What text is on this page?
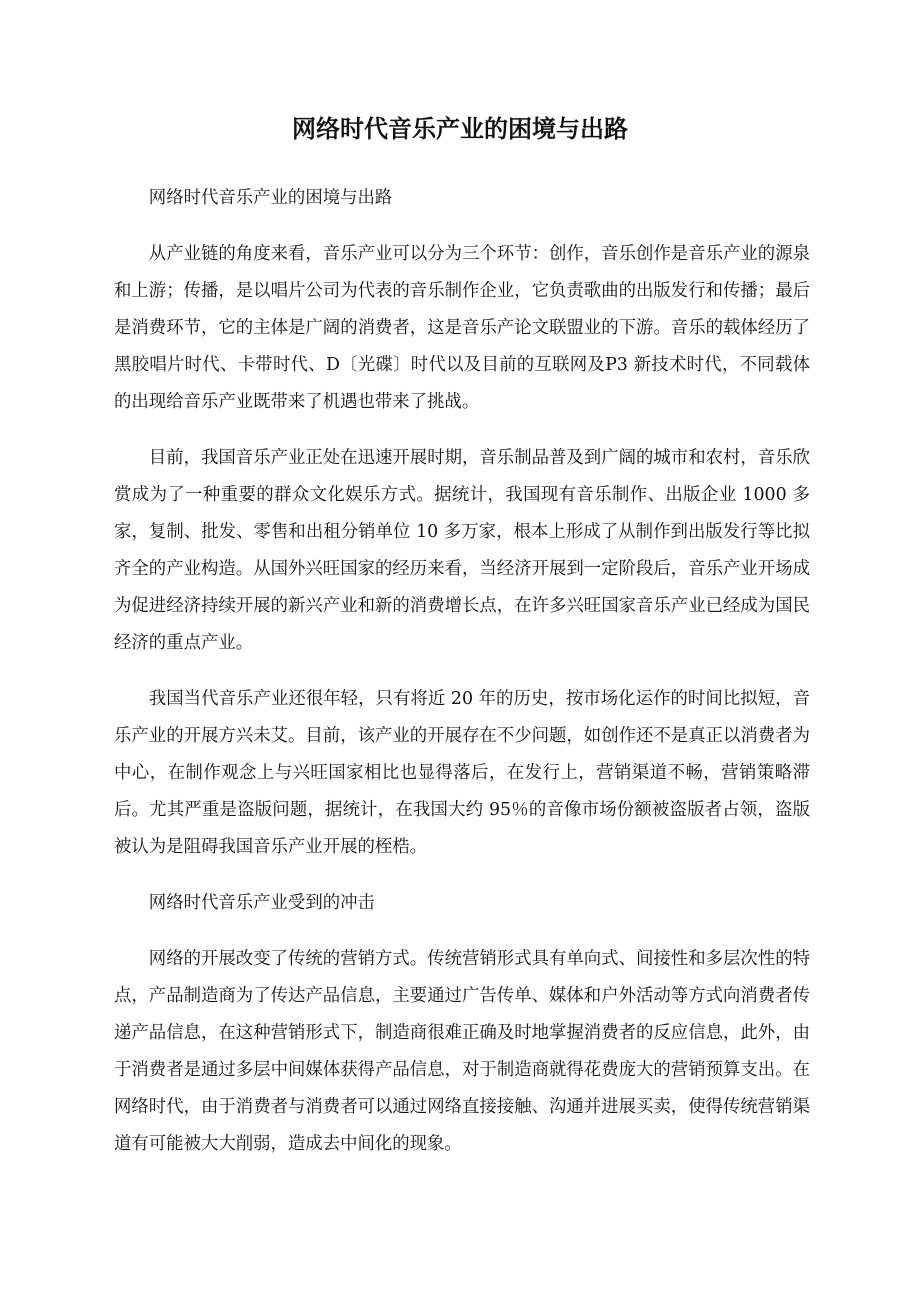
网络时代音乐产业的困境与出路

网络时代音乐产业的困境与出路

从产业链的角度来看，音乐产业可以分为三个环节：创作，音乐创作是音乐产业的源泉和上游；传播，是以唱片公司为代表的音乐制作企业，它负责歌曲的出版发行和传播；最后是消费环节，它的主体是广阔的消费者，这是音乐产论文联盟业的下游。音乐的载体经历了黑胶唱片时代、卡带时代、D〔光碟〕时代以及目前的互联网及P3 新技术时代，不同载体的出现给音乐产业既带来了机遇也带来了挑战。

目前，我国音乐产业正处在迅速开展时期，音乐制品普及到广阔的城市和农村，音乐欣赏成为了一种重要的群众文化娱乐方式。据统计，我国现有音乐制作、出版企业 1000 多家，复制、批发、零售和出租分销单位 10 多万家，根本上形成了从制作到出版发行等比拟齐全的产业构造。从国外兴旺国家的经历来看，当经济开展到一定阶段后，音乐产业开场成为促进经济持续开展的新兴产业和新的消费增长点，在许多兴旺国家音乐产业已经成为国民经济的重点产业。

我国当代音乐产业还很年轻，只有将近 20 年的历史，按市场化运作的时间比拟短，音乐产业的开展方兴未艾。目前，该产业的开展存在不少问题，如创作还不是真正以消费者为中心，在制作观念上与兴旺国家相比也显得落后，在发行上，营销渠道不畅，营销策略滞后。尤其严重是盗版问题，据统计，在我国大约 95％的音像市场份额被盗版者占领，盗版被认为是阻碍我国音乐产业开展的桎梏。

网络时代音乐产业受到的冲击

网络的开展改变了传统的营销方式。传统营销形式具有单向式、间接性和多层次性的特点，产品制造商为了传达产品信息，主要通过广告传单、媒体和户外活动等方式向消费者传递产品信息，在这种营销形式下，制造商很难正确及时地掌握消费者的反应信息，此外，由于消费者是通过多层中间媒体获得产品信息，对于制造商就得花费庞大的营销预算支出。在网络时代，由于消费者与消费者可以通过网络直接接触、沟通并进展买卖，使得传统营销渠道有可能被大大削弱，造成去中间化的现象。
